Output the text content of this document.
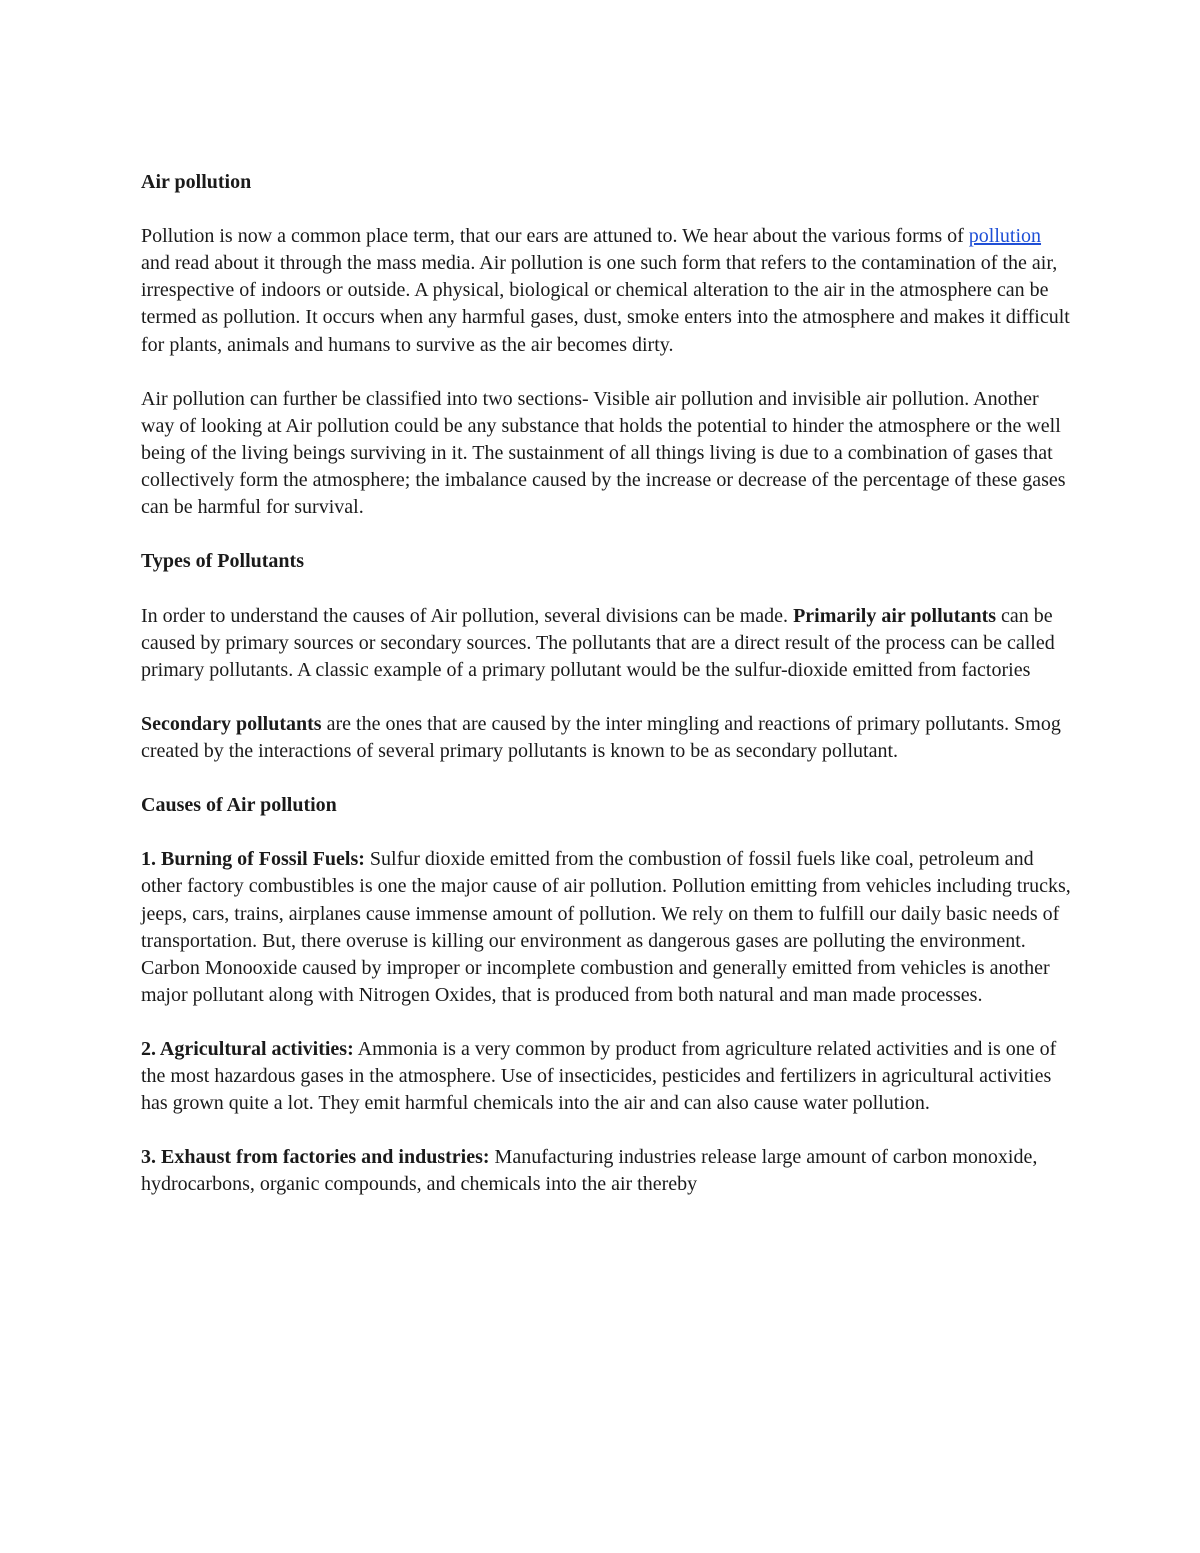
Air pollution

Pollution is now a common place term, that our ears are attuned to. We hear about the various forms of pollution and read about it through the mass media. Air pollution is one such form that refers to the contamination of the air, irrespective of indoors or outside. A physical, biological or chemical alteration to the air in the atmosphere can be termed as pollution. It occurs when any harmful gases, dust, smoke enters into the atmosphere and makes it difficult for plants, animals and humans to survive as the air becomes dirty.

Air pollution can further be classified into two sections- Visible air pollution and invisible air pollution. Another way of looking at Air pollution could be any substance that holds the potential to hinder the atmosphere or the well being of the living beings surviving in it. The sustainment of all things living is due to a combination of gases that collectively form the atmosphere; the imbalance caused by the increase or decrease of the percentage of these gases can be harmful for survival.

Types of Pollutants

In order to understand the causes of Air pollution, several divisions can be made. Primarily air pollutants can be caused by primary sources or secondary sources. The pollutants that are a direct result of the process can be called primary pollutants. A classic example of a primary pollutant would be the sulfur-dioxide emitted from factories

Secondary pollutants are the ones that are caused by the inter mingling and reactions of primary pollutants. Smog created by the interactions of several primary pollutants is known to be as secondary pollutant.

Causes of Air pollution

1. Burning of Fossil Fuels: Sulfur dioxide emitted from the combustion of fossil fuels like coal, petroleum and other factory combustibles is one the major cause of air pollution. Pollution emitting from vehicles including trucks, jeeps, cars, trains, airplanes cause immense amount of pollution. We rely on them to fulfill our daily basic needs of transportation. But, there overuse is killing our environment as dangerous gases are polluting the environment. Carbon Monooxide caused by improper or incomplete combustion and generally emitted from vehicles is another major pollutant along with Nitrogen Oxides, that is produced from both natural and man made processes.

2. Agricultural activities: Ammonia is a very common by product from agriculture related activities and is one of the most hazardous gases in the atmosphere. Use of insecticides, pesticides and fertilizers in agricultural activities has grown quite a lot. They emit harmful chemicals into the air and can also cause water pollution.

3. Exhaust from factories and industries: Manufacturing industries release large amount of carbon monoxide, hydrocarbons, organic compounds, and chemicals into the air thereby
